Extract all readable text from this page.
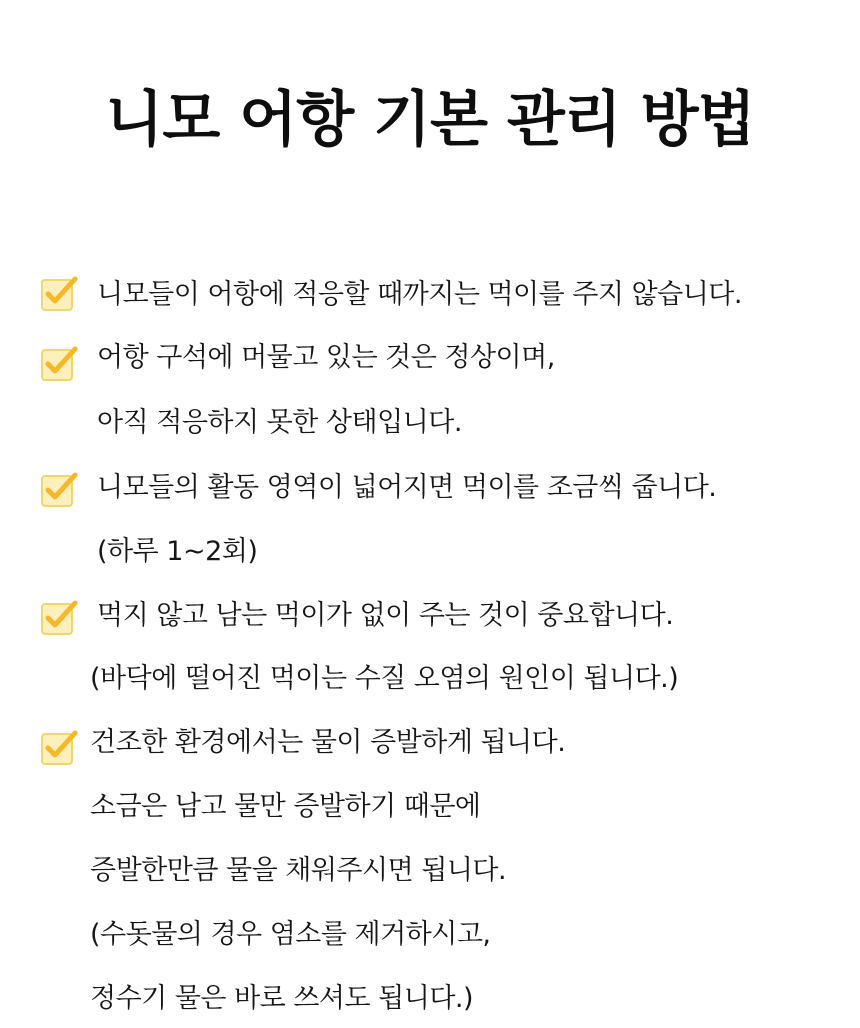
니모 어항 기본 관리 방법
니모들이 어항에 적응할 때까지는 먹이를 주지 않습니다.
어항 구석에 머물고 있는 것은 정상이며,
아직 적응하지 못한 상태입니다.
니모들의 활동 영역이 넓어지면 먹이를 조금씩 줍니다.
(하루 1~2회)
먹지 않고 남는 먹이가 없이 주는 것이 중요합니다.
(바닥에 떨어진 먹이는 수질 오염의 원인이 됩니다.)
건조한 환경에서는 물이 증발하게 됩니다.
소금은 남고 물만 증발하기 때문에
증발한만큼 물을 채워주시면 됩니다.
(수돗물의 경우 염소를 제거하시고,
정수기 물은 바로 쓰셔도 됩니다.)
